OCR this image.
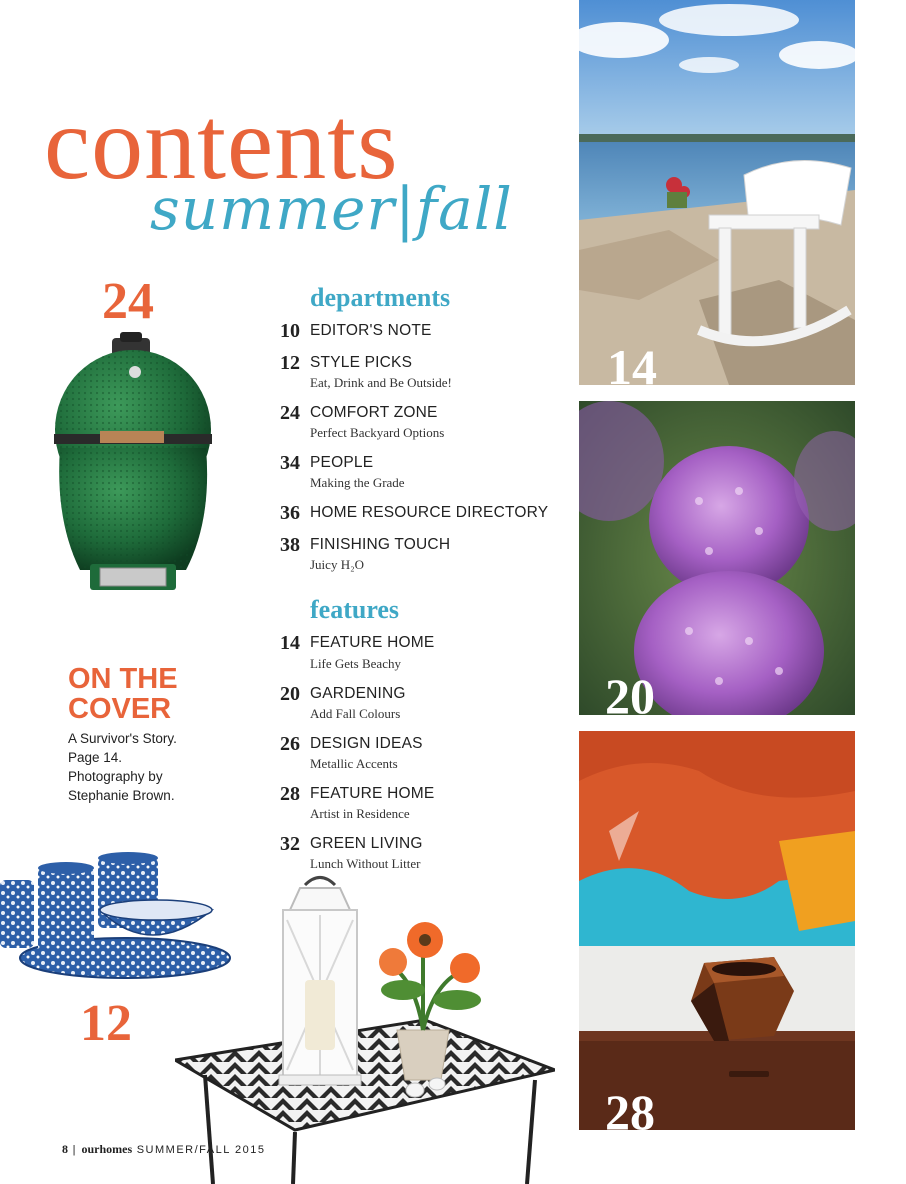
contents
summer|fall
departments
10 EDITOR'S NOTE
12 STYLE PICKS
Eat, Drink and Be Outside!
24 COMFORT ZONE
Perfect Backyard Options
34 PEOPLE
Making the Grade
36 HOME RESOURCE DIRECTORY
38 FINISHING TOUCH
Juicy H₂O
features
14 FEATURE HOME
Life Gets Beachy
20 GARDENING
Add Fall Colours
26 DESIGN IDEAS
Metallic Accents
28 FEATURE HOME
Artist in Residence
32 GREEN LIVING
Lunch Without Litter
24
ON THE
COVER
A Survivor's Story.
Page 14.
Photography by
Stephanie Brown.
12
14
20
28
8 | ourhomes SUMMER/FALL 2015
